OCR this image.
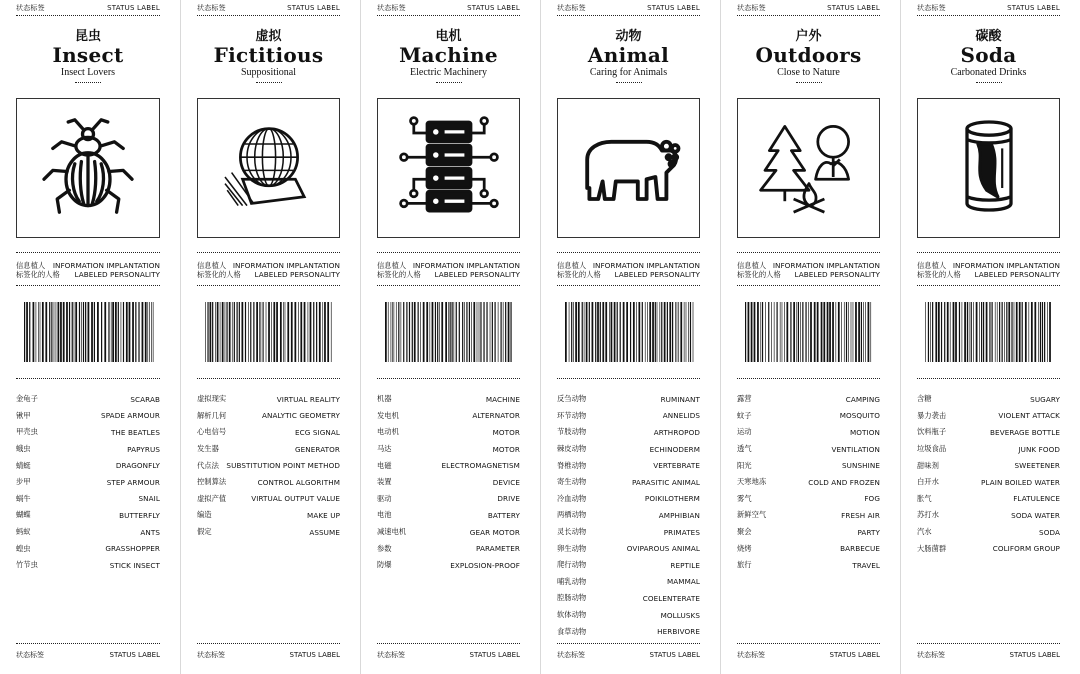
状态标签	STATUS LABEL
昆虫
Insect
Insect Lovers
信息植人 INFORMATION IMPLANTATION
标签化的人格 LABELED PERSONALITY
金龟子	SCARAB
锹甲	SPADE ARMOUR
甲壳虫	THE BEATLES
蛾虫	PAPYRUS
蜻蜓	DRAGONFLY
步甲	STEP ARMOUR
蜗牛	SNAIL
蝴蝶	BUTTERFLY
蚂蚁	ANTS
蝗虫	GRASSHOPPER
竹节虫	STICK INSECT
状态标签	STATUS LABEL
状态标签	STATUS LABEL
虚拟
Fictitious
Suppositional
信息植人 INFORMATION IMPLANTATION
标签化的人格 LABELED PERSONALITY
虚拟现实	VIRTUAL REALITY
解析几何	ANALYTIC GEOMETRY
心电信号	ECG SIGNAL
发生器	GENERATOR
代点法 SUBSTITUTION POINT METHOD
控制算法	CONTROL ALGORITHM
虚拟产值	VIRTUAL OUTPUT VALUE
编造	MAKE UP
假定	ASSUME
状态标签	STATUS LABEL
状态标签	STATUS LABEL
电机
Machine
Electric Machinery
信息植人 INFORMATION IMPLANTATION
标签化的人格 LABELED PERSONALITY
机器	MACHINE
发电机	ALTERNATOR
电动机	MOTOR
马达	MOTOR
电磁	ELECTROMAGNETISM
装置	DEVICE
驱动	DRIVE
电池	BATTERY
减速电机	GEAR MOTOR
参数	PARAMETER
防爆	EXPLOSION-PROOF
状态标签	STATUS LABEL
状态标签	STATUS LABEL
动物
Animal
Caring for Animals
信息植人 INFORMATION IMPLANTATION
标签化的人格 LABELED PERSONALITY
反刍动物	RUMINANT
环节动物	ANNELIDS
节肢动物	ARTHROPOD
棘皮动物	ECHINODERM
脊椎动物	VERTEBRATE
寄生动物	PARASITIC ANIMAL
冷血动物	POIKILOTHERM
两栖动物	AMPHIBIAN
灵长动物	PRIMATES
卵生动物	OVIPAROUS ANIMAL
爬行动物	REPTILE
哺乳动物	MAMMAL
腔肠动物	COELENTERATE
软体动物	MOLLUSKS
食草动物	HERBIVORE
状态标签	STATUS LABEL
状态标签	STATUS LABEL
户外
Outdoors
Close to Nature
信息植人 INFORMATION IMPLANTATION
标签化的人格 LABELED PERSONALITY
露营	CAMPING
蚊子	MOSQUITO
运动	MOTION
透气	VENTILATION
阳光	SUNSHINE
天寒地冻	COLD AND FROZEN
雾气	FOG
新鲜空气	FRESH AIR
聚会	PARTY
烧烤	BARBECUE
旅行	TRAVEL
状态标签	STATUS LABEL
状态标签	STATUS LABEL
碳酸
Soda
Carbonated Drinks
信息植人 INFORMATION IMPLANTATION
标签化的人格 LABELED PERSONALITY
含糖	SUGARY
暴力袭击	VIOLENT ATTACK
饮料瓶子	BEVERAGE BOTTLE
垃圾食品	JUNK FOOD
甜味剂	SWEETENER
白开水	PLAIN BOILED WATER
胀气	FLATULENCE
苏打水	SODA WATER
汽水	SODA
大肠菌群	COLIFORM GROUP
状态标签	STATUS LABEL
